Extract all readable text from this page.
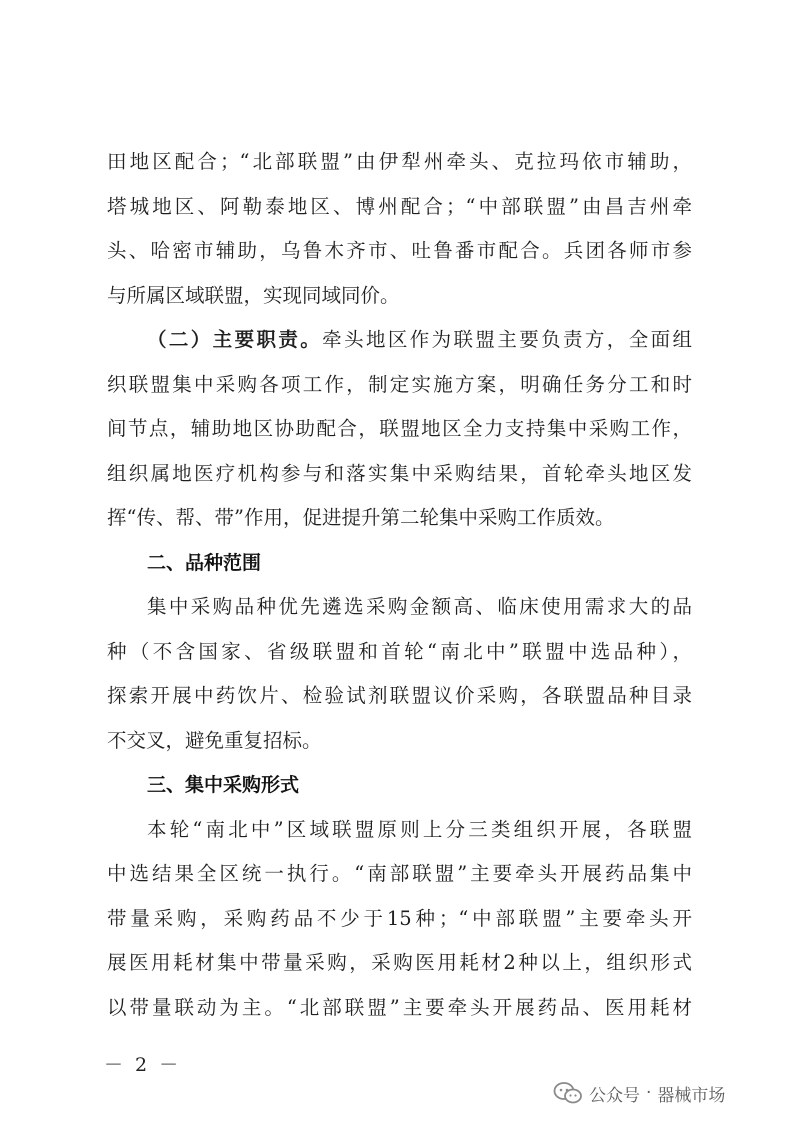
田地区配合；“北部联盟”由伊犁州牵头、克拉玛依市辅助，
塔城地区、阿勒泰地区、博州配合；“中部联盟”由昌吉州牵
头、哈密市辅助，乌鲁木齐市、吐鲁番市配合。兵团各师市参
与所属区域联盟，实现同域同价。
（二）主要职责。牵头地区作为联盟主要负责方，全面组
织联盟集中采购各项工作，制定实施方案，明确任务分工和时
间节点，辅助地区协助配合，联盟地区全力支持集中采购工作，
组织属地医疗机构参与和落实集中采购结果，首轮牵头地区发
挥“传、帮、带”作用，促进提升第二轮集中采购工作质效。
二、品种范围
集中采购品种优先遴选采购金额高、临床使用需求大的品
种（不含国家、省级联盟和首轮“南北中”联盟中选品种），
探索开展中药饮片、检验试剂联盟议价采购，各联盟品种目录
不交叉，避免重复招标。
三、集中采购形式
本轮“南北中”区域联盟原则上分三类组织开展，各联盟
中选结果全区统一执行。“南部联盟”主要牵头开展药品集中
带量采购，采购药品不少于15种；“中部联盟”主要牵头开
展医用耗材集中带量采购，采购医用耗材2种以上，组织形式
以带量联动为主。“北部联盟”主要牵头开展药品、医用耗材
－ 2 －
公众号 · 器械市场
